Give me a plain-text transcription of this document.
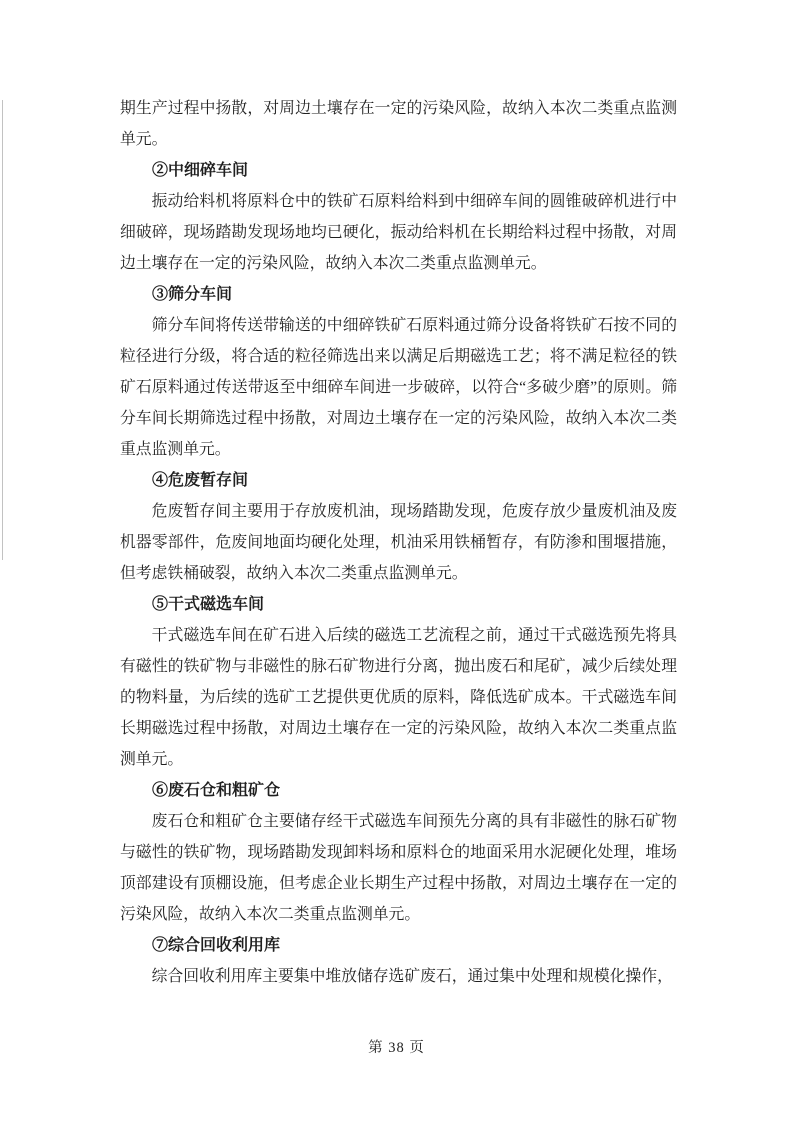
期生产过程中扬散，对周边土壤存在一定的污染风险，故纳入本次二类重点监测单元。

②中细碎车间

振动给料机将原料仓中的铁矿石原料给料到中细碎车间的圆锥破碎机进行中细破碎，现场踏勘发现场地均已硬化，振动给料机在长期给料过程中扬散，对周边土壤存在一定的污染风险，故纳入本次二类重点监测单元。

③筛分车间

筛分车间将传送带输送的中细碎铁矿石原料通过筛分设备将铁矿石按不同的粒径进行分级，将合适的粒径筛选出来以满足后期磁选工艺；将不满足粒径的铁矿石原料通过传送带返至中细碎车间进一步破碎，以符合“多破少磨”的原则。筛分车间长期筛选过程中扬散，对周边土壤存在一定的污染风险，故纳入本次二类重点监测单元。

④危废暂存间

危废暂存间主要用于存放废机油，现场踏勘发现，危废存放少量废机油及废机器零部件，危废间地面均硬化处理，机油采用铁桶暂存，有防渗和围堰措施，但考虑铁桶破裂，故纳入本次二类重点监测单元。

⑤干式磁选车间

干式磁选车间在矿石进入后续的磁选工艺流程之前，通过干式磁选预先将具有磁性的铁矿物与非磁性的脉石矿物进行分离，抛出废石和尾矿，减少后续处理的物料量，为后续的选矿工艺提供更优质的原料，降低选矿成本。干式磁选车间长期磁选过程中扬散，对周边土壤存在一定的污染风险，故纳入本次二类重点监测单元。

⑥废石仓和粗矿仓

废石仓和粗矿仓主要储存经干式磁选车间预先分离的具有非磁性的脉石矿物与磁性的铁矿物，现场踏勘发现卸料场和原料仓的地面采用水泥硬化处理，堆场顶部建设有顶棚设施，但考虑企业长期生产过程中扬散，对周边土壤存在一定的污染风险，故纳入本次二类重点监测单元。

⑦综合回收利用库

综合回收利用库主要集中堆放储存选矿废石，通过集中处理和规模化操作，

第 38 页
